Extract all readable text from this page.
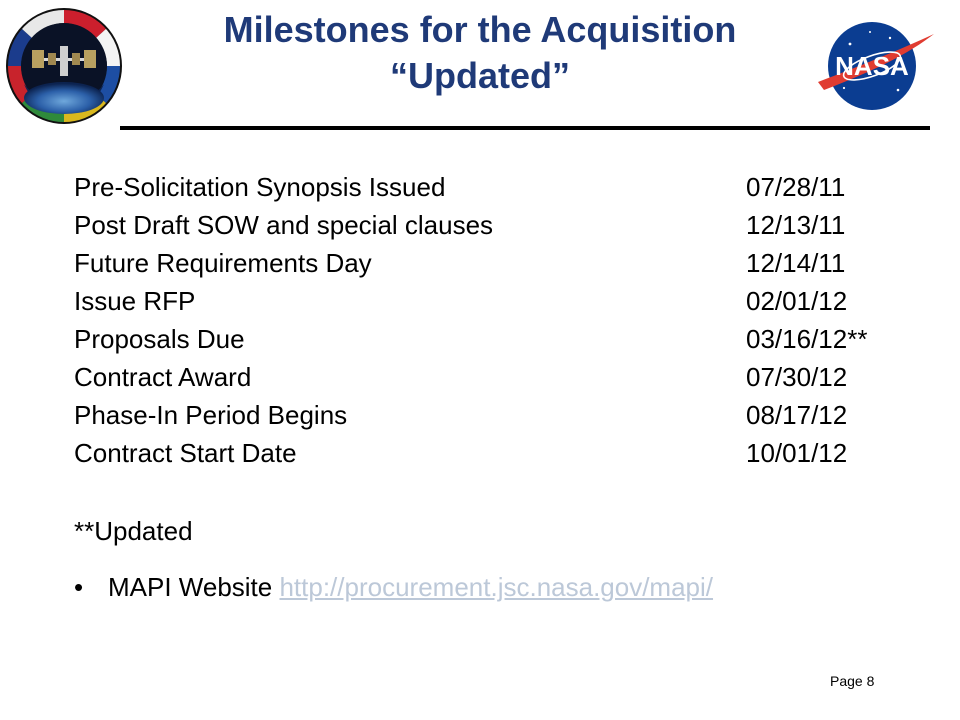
Milestones for the Acquisition
“Updated”	NASA
Pre-Solicitation Synopsis Issued	07/28/11
Post Draft SOW and special clauses	12/13/11
Future Requirements Day	12/14/11
Issue RFP	02/01/12
Proposals Due	03/16/12**
Contract Award	07/30/12
Phase-In Period Begins	08/17/12
Contract Start Date	10/01/12
**Updated
• MAPI Website http://procurement.jsc.nasa.gov/mapi/
Page 8
